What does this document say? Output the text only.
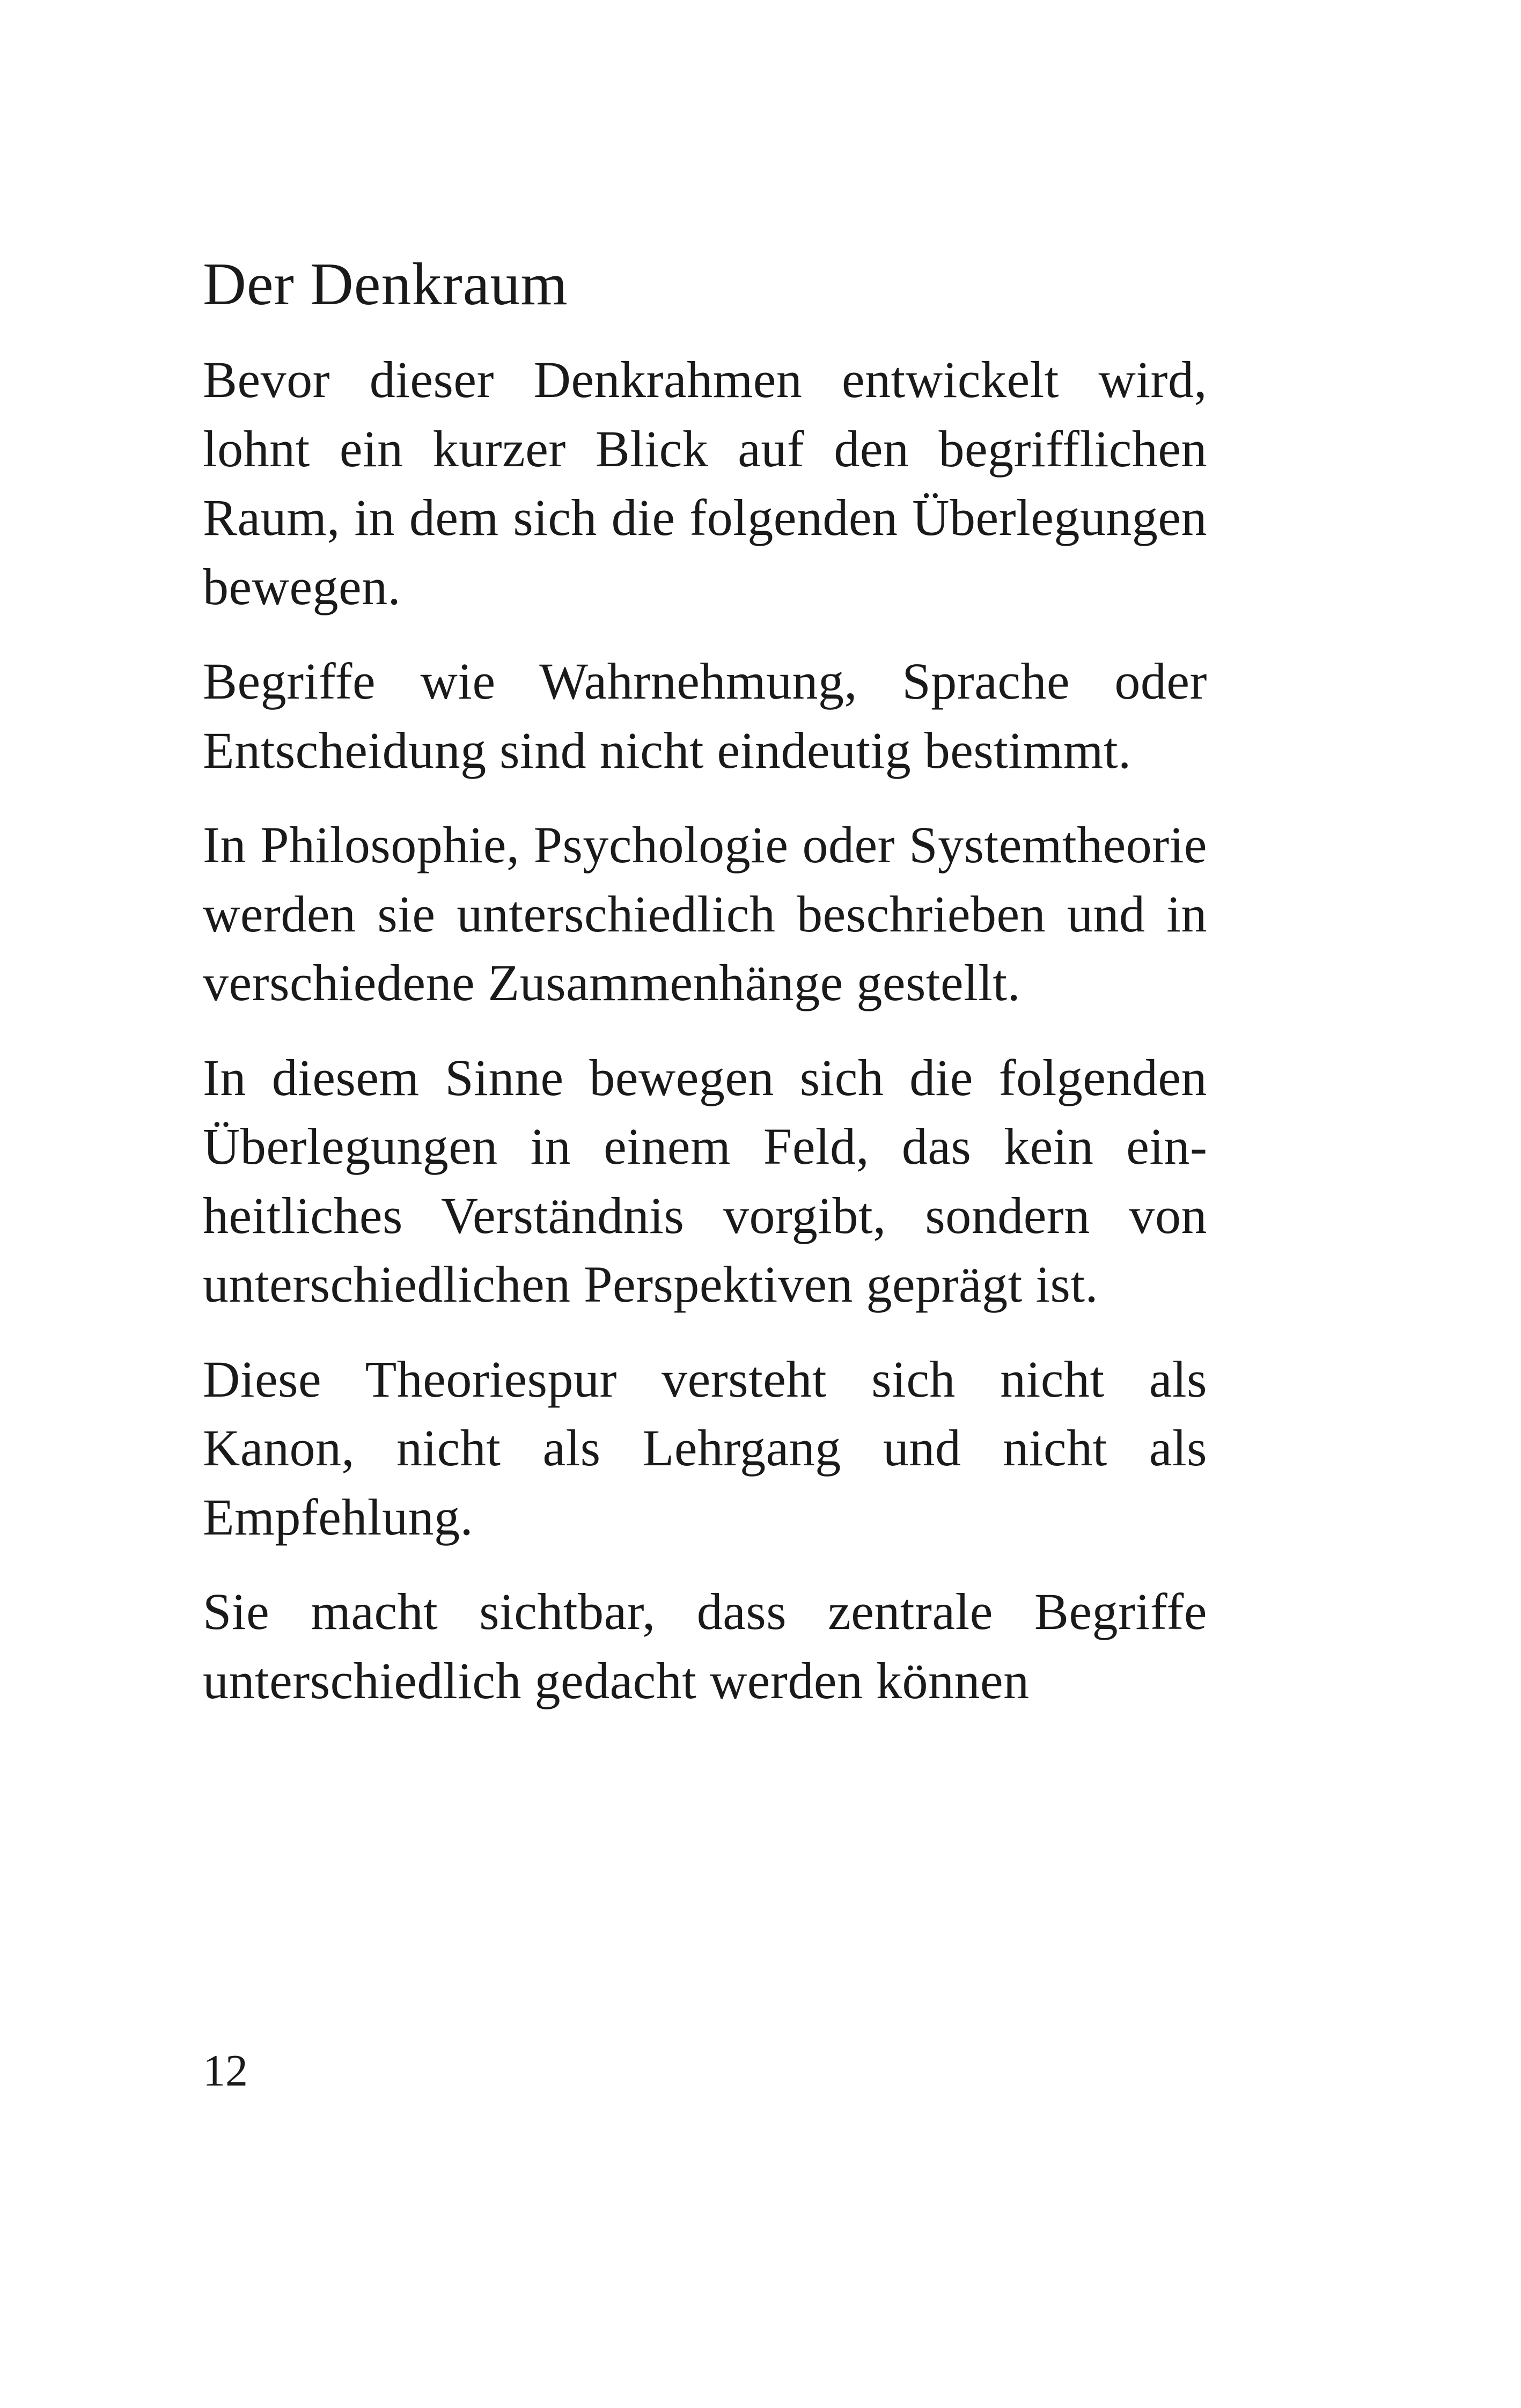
Der Denkraum

Bevor dieser Denkrahmen entwickelt wird, lohnt ein kurzer Blick auf den begrifflichen Raum, in dem sich die folgenden Überlegungen bewegen.

Begriffe wie Wahrnehmung, Sprache oder Entscheidung sind nicht eindeutig bestimmt.

In Philosophie, Psychologie oder Systemtheorie werden sie unterschiedlich beschrieben und in verschiedene Zusammenhänge gestellt.

In diesem Sinne bewegen sich die folgenden Überlegungen in einem Feld, das kein einheitliches Verständnis vorgibt, sondern von unterschiedlichen Perspektiven geprägt ist.

Diese Theoriespur versteht sich nicht als Kanon, nicht als Lehrgang und nicht als Empfehlung.

Sie macht sichtbar, dass zentrale Begriffe unterschiedlich gedacht werden können

12
